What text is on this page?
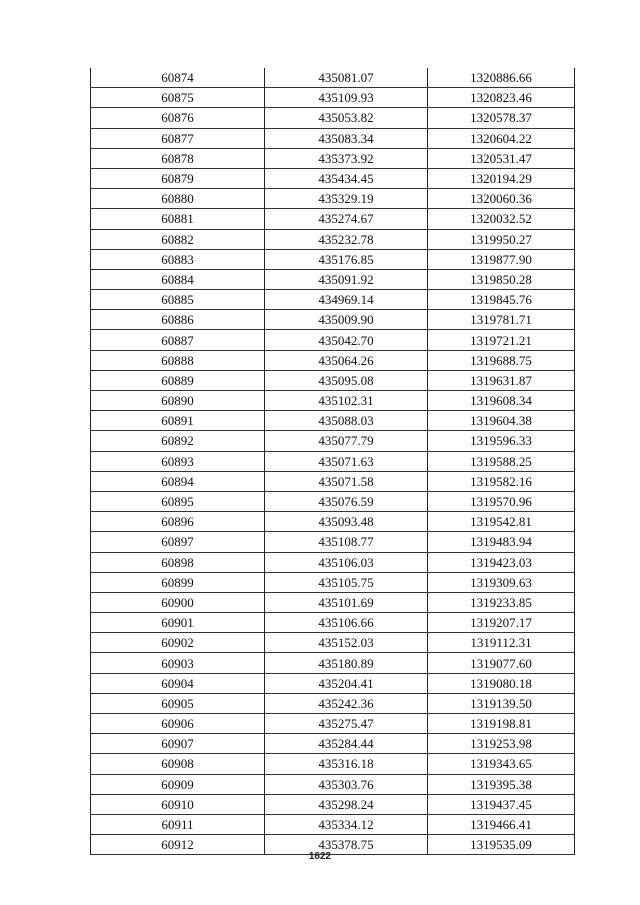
60874	435081.07	1320886.66
60875	435109.93	1320823.46
60876	435053.82	1320578.37
60877	435083.34	1320604.22
60878	435373.92	1320531.47
60879	435434.45	1320194.29
60880	435329.19	1320060.36
60881	435274.67	1320032.52
60882	435232.78	1319950.27
60883	435176.85	1319877.90
60884	435091.92	1319850.28
60885	434969.14	1319845.76
60886	435009.90	1319781.71
60887	435042.70	1319721.21
60888	435064.26	1319688.75
60889	435095.08	1319631.87
60890	435102.31	1319608.34
60891	435088.03	1319604.38
60892	435077.79	1319596.33
60893	435071.63	1319588.25
60894	435071.58	1319582.16
60895	435076.59	1319570.96
60896	435093.48	1319542.81
60897	435108.77	1319483.94
60898	435106.03	1319423.03
60899	435105.75	1319309.63
60900	435101.69	1319233.85
60901	435106.66	1319207.17
60902	435152.03	1319112.31
60903	435180.89	1319077.60
60904	435204.41	1319080.18
60905	435242.36	1319139.50
60906	435275.47	1319198.81
60907	435284.44	1319253.98
60908	435316.18	1319343.65
60909	435303.76	1319395.38
60910	435298.24	1319437.45
60911	435334.12	1319466.41
60912	435378.75	1319535.09
1622
